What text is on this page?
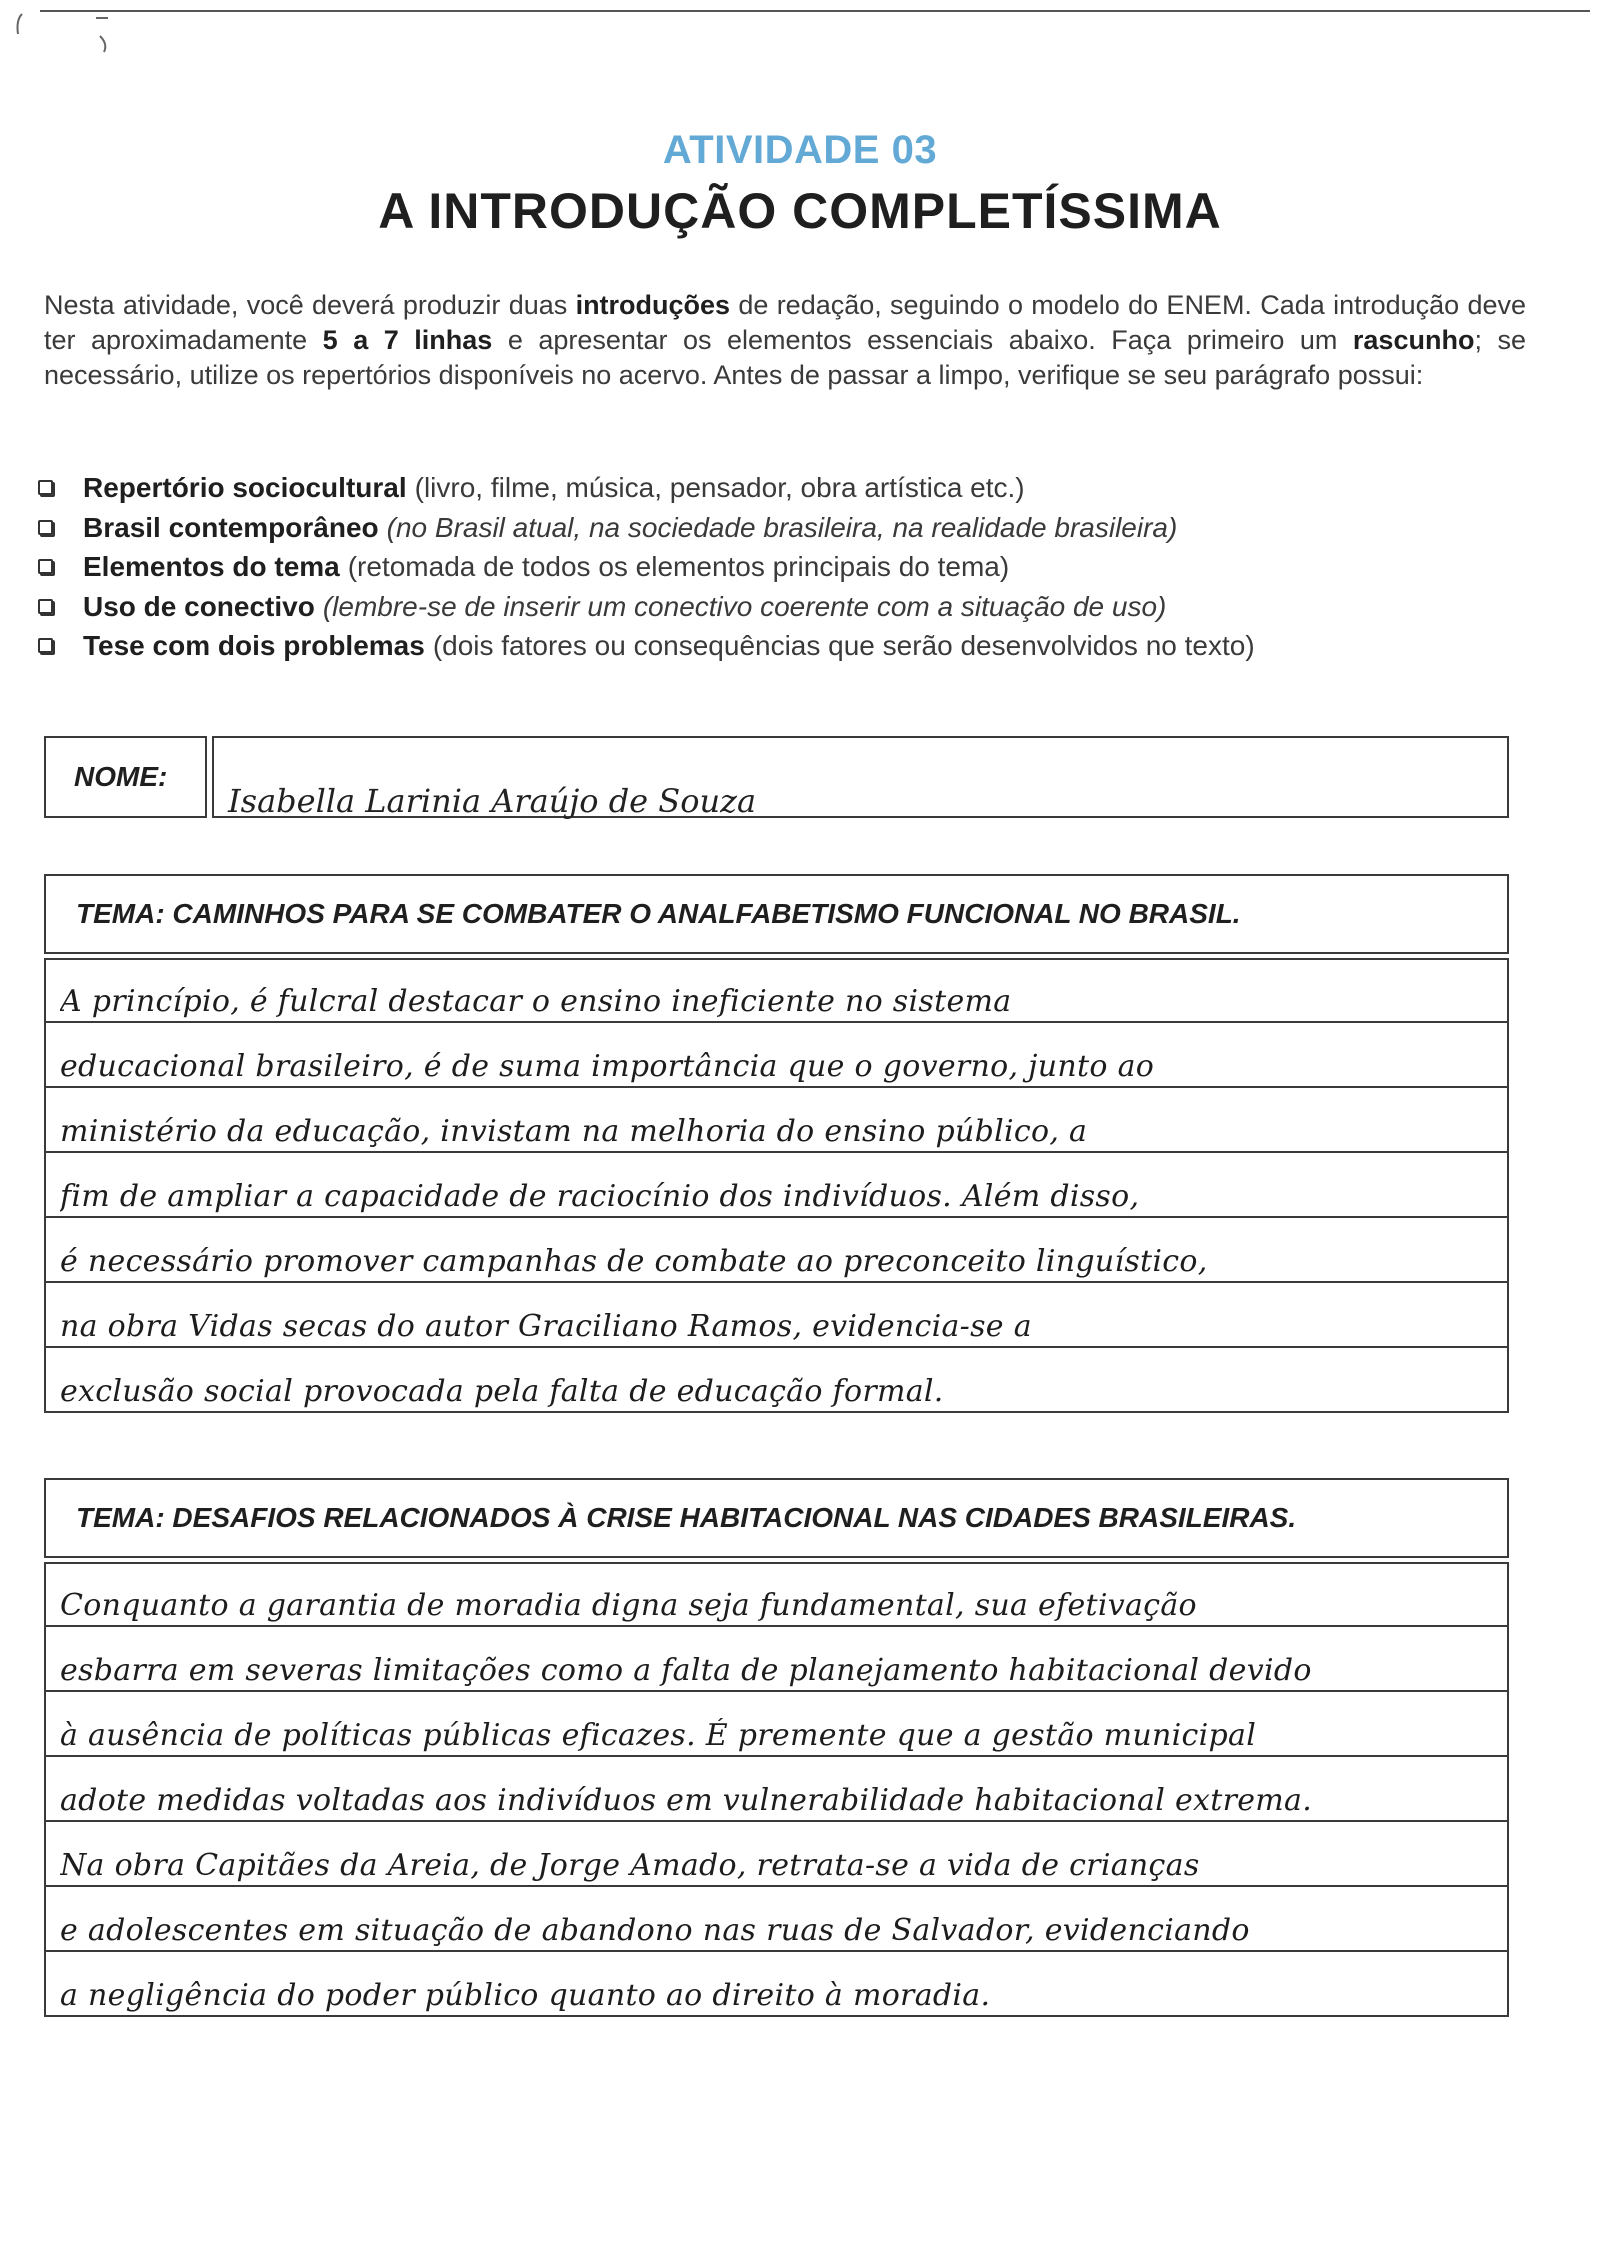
ATIVIDADE 03
A INTRODUÇÃO COMPLETÍSSIMA
Nesta atividade, você deverá produzir duas introduções de redação, seguindo o modelo do ENEM. Cada introdução deve ter aproximadamente 5 a 7 linhas e apresentar os elementos essenciais abaixo. Faça primeiro um rascunho; se necessário, utilize os repertórios disponíveis no acervo. Antes de passar a limpo, verifique se seu parágrafo possui:
Repertório sociocultural (livro, filme, música, pensador, obra artística etc.)
Brasil contemporâneo (no Brasil atual, na sociedade brasileira, na realidade brasileira)
Elementos do tema (retomada de todos os elementos principais do tema)
Uso de conectivo (lembre-se de inserir um conectivo coerente com a situação de uso)
Tese com dois problemas (dois fatores ou consequências que serão desenvolvidos no texto)
NOME:
Isabella Larinia Araújo de Souza
TEMA: CAMINHOS PARA SE COMBATER O ANALFABETISMO FUNCIONAL NO BRASIL.
A princípio, é fulcral destacar o ensino ineficiente no sistema
educacional brasileiro, é de suma importância que o governo, junto ao
ministério da educação, invistam na melhoria do ensino público, a
fim de ampliar a capacidade de raciocínio dos indivíduos. Além disso,
é necessário promover campanhas de combate ao preconceito linguístico,
na obra Vidas secas do autor Graciliano Ramos, evidencia-se a
exclusão social provocada pela falta de educação formal.
TEMA: DESAFIOS RELACIONADOS À CRISE HABITACIONAL NAS CIDADES BRASILEIRAS.
Conquanto a garantia de moradia digna seja fundamental, sua efetivação
esbarra em severas limitações como a falta de planejamento habitacional devido
à ausência de políticas públicas eficazes. É premente que a gestão municipal
adote medidas voltadas aos indivíduos em vulnerabilidade habitacional extrema.
Na obra Capitães da Areia, de Jorge Amado, retrata-se a vida de crianças
e adolescentes em situação de abandono nas ruas de Salvador, evidenciando
a negligência do poder público quanto ao direito à moradia.
